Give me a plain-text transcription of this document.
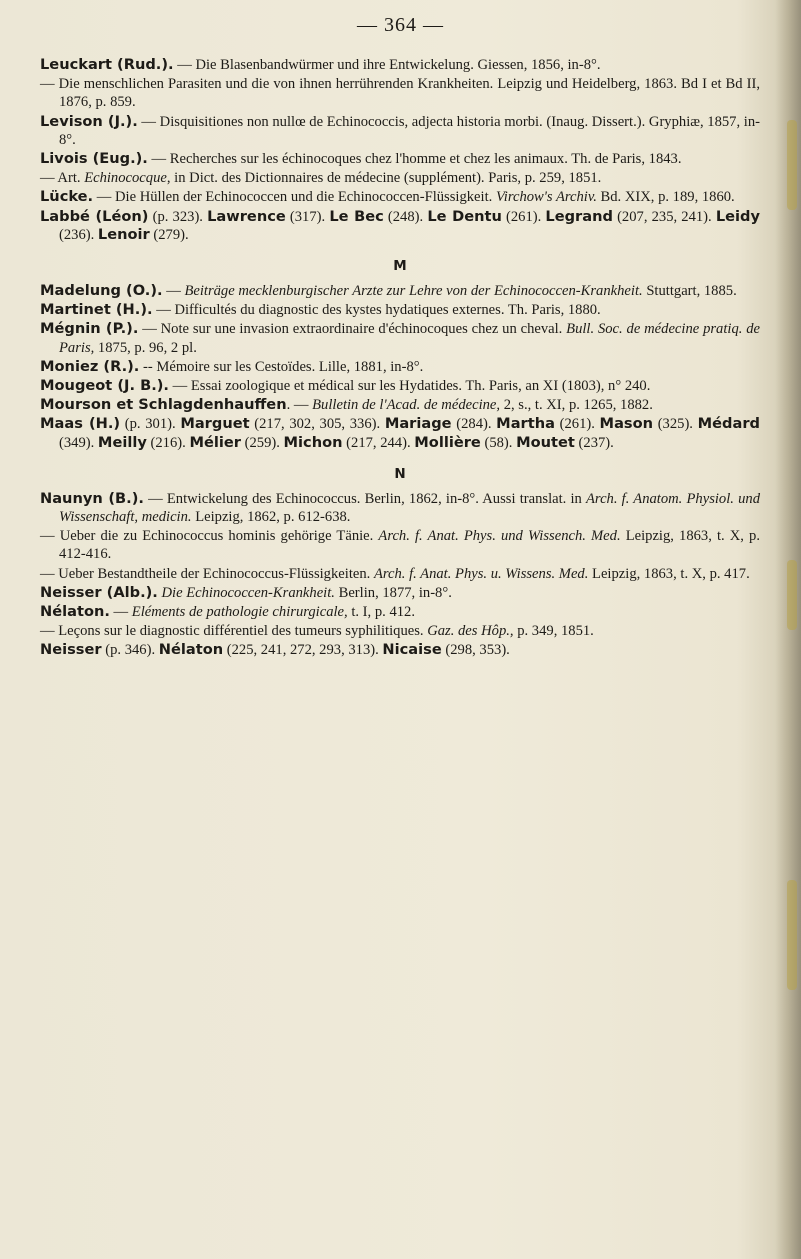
— 364 —

Leuckart (Rud.). — Die Blasenbandwürmer und ihre Entwickelung. Giessen, 1856, in-8°.

— Die menschlichen Parasiten und die von ihnen herrührenden Krankheiten. Leipzig und Heidelberg, 1863. Bd I et Bd II, 1876, p. 859.

Levison (J.). — Disquisitiones non nullœ de Echinococcis, adjecta historia morbi. (Inaug. Dissert.). Gryphiæ, 1857, in-8°.

Livois (Eug.). — Recherches sur les échinocoques chez l'homme et chez les animaux. Th. de Paris, 1843.

— Art. Echinococque, in Dict. des Dictionnaires de médecine (supplément). Paris, p. 259, 1851.

Lücke. — Die Hüllen der Echinococcen und die Echinococcen-Flüssigkeit. Virchow's Archiv. Bd. XIX, p. 189, 1860.

Labbé (Léon) (p. 323). Lawrence (317). Le Bec (248). Le Dentu (261). Legrand (207, 235, 241). Leidy (236). Lenoir (279).

M

Madelung (O.). — Beiträge mecklenburgischer Arzte zur Lehre von der Echinococcen-Krankheit. Stuttgart, 1885.

Martinet (H.). — Difficultés du diagnostic des kystes hydatiques externes. Th. Paris, 1880.

Mégnin (P.). — Note sur une invasion extraordinaire d'échinocoques chez un cheval. Bull. Soc. de médecine pratiq. de Paris, 1875, p. 96, 2 pl.

Moniez (R.). -- Mémoire sur les Cestoïdes. Lille, 1881, in-8°.

Mougeot (J. B.). — Essai zoologique et médical sur les Hydatides. Th. Paris, an XI (1803), n° 240.

Mourson et Schlagdenhauffen. — Bulletin de l'Acad. de médecine, 2, s., t. XI, p. 1265, 1882.

Maas (H.) (p. 301). Marguet (217, 302, 305, 336). Mariage (284). Martha (261). Mason (325). Médard (349). Meilly (216). Mélier (259). Michon (217, 244). Mollière (58). Moutet (237).

N

Naunyn (B.). — Entwickelung des Echinococcus. Berlin, 1862, in-8°. Aussi translat. in Arch. f. Anatom. Physiol. und Wissenschaft, medicin. Leipzig, 1862, p. 612-638.

— Ueber die zu Echinococcus hominis gehörige Tänie. Arch. f. Anat. Phys. und Wissench. Med. Leipzig, 1863, t. X, p. 412-416.

— Ueber Bestandtheile der Echinococcus-Flüssigkeiten. Arch. f. Anat. Phys. u. Wissens. Med. Leipzig, 1863, t. X, p. 417.

Neisser (Alb.). Die Echinococcen-Krankheit. Berlin, 1877, in-8°.

Nélaton. — Eléments de pathologie chirurgicale, t. I, p. 412.

— Leçons sur le diagnostic différentiel des tumeurs syphilitiques. Gaz. des Hôp., p. 349, 1851.

Neisser (p. 346). Nélaton (225, 241, 272, 293, 313). Nicaise (298, 353).
